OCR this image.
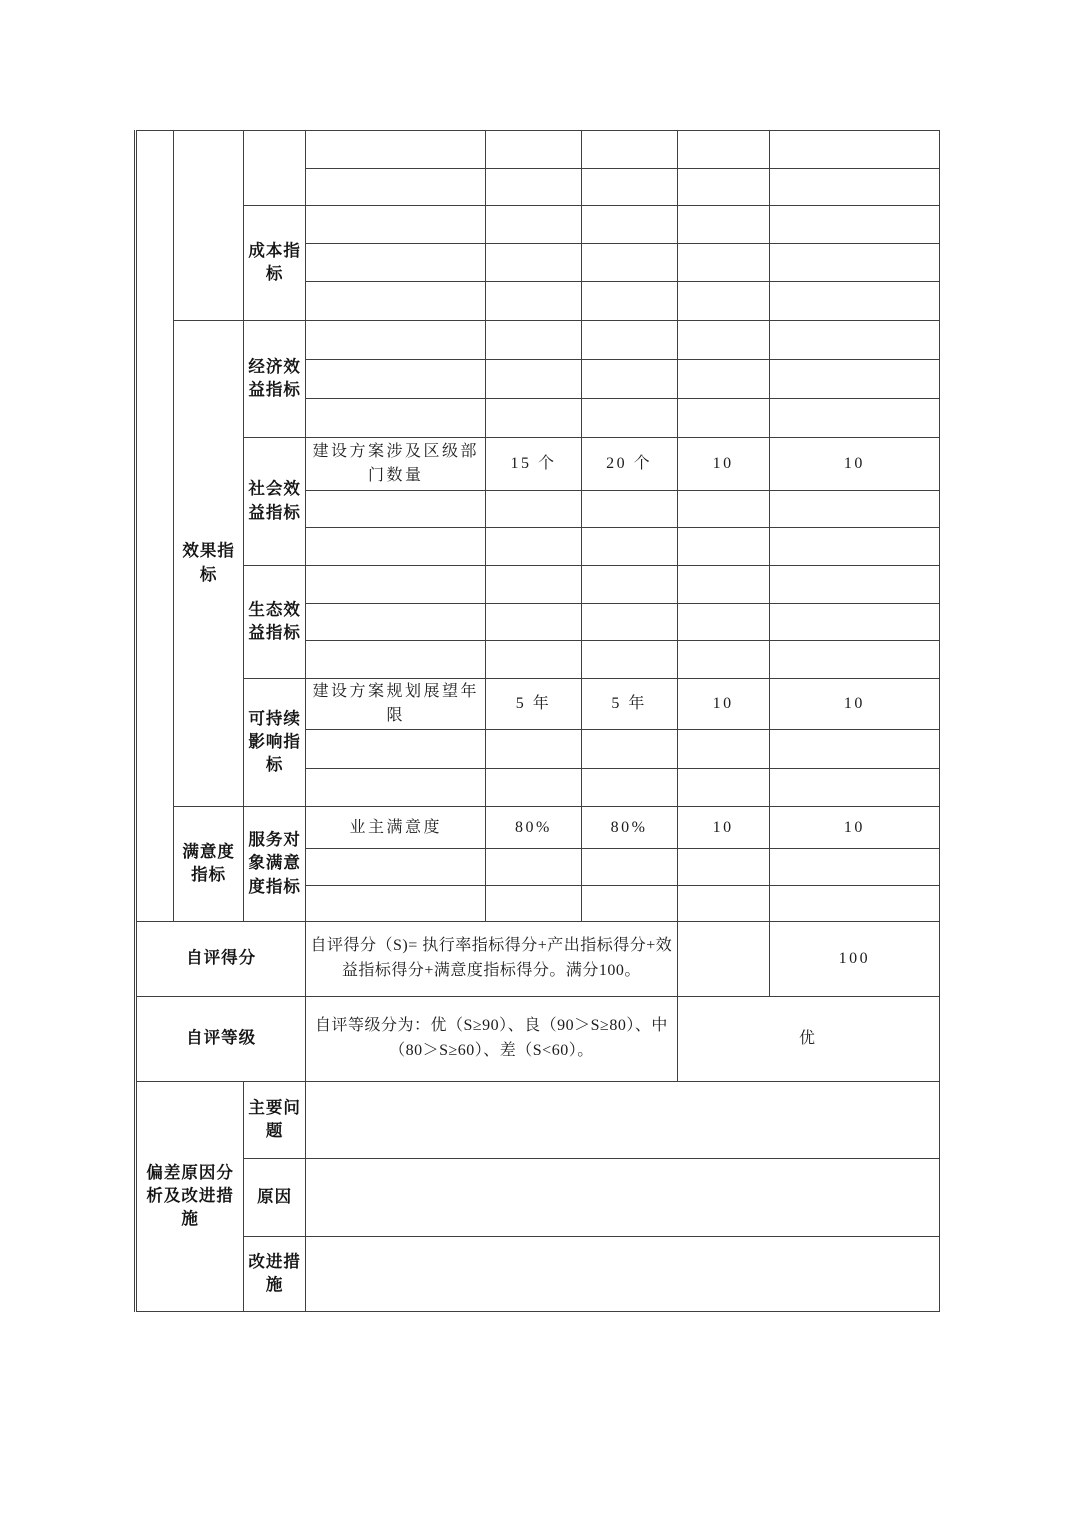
		成本指标					

	效果指标	经济效益指标					

		社会效益指标	建设方案涉及区级部门数量	15 个	20 个	10	10

		生态效益指标					

		可持续影响指标	建设方案规划展望年限	5 年	5 年	10	10

	满意度指标	服务对象满意度指标	业主满意度	80%	80%	10	10

自评得分			自评得分（S)= 执行率指标得分+产出指标得分+效益指标得分+满意度指标得分。满分100。				100
自评等级			自评等级分为：优（S≥90）、良（90＞S≥80）、中（80＞S≥60）、差（S<60）。			优	
偏差原因分析及改进措施		主要问题					
		原因					
		改进措施					
